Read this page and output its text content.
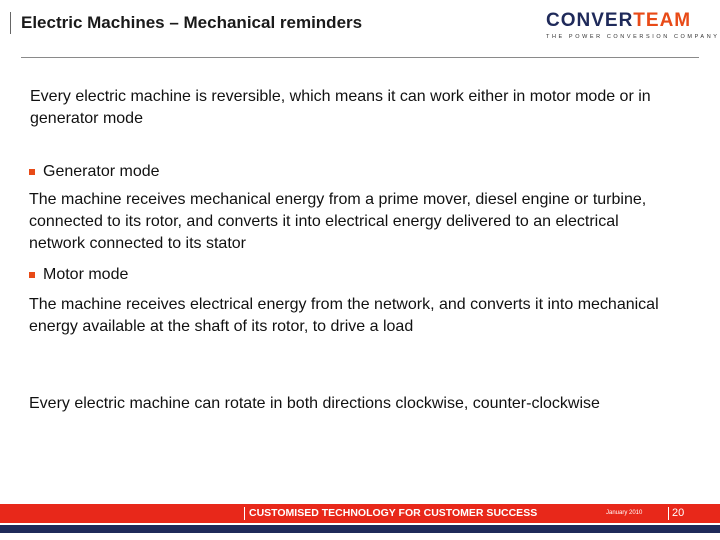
Electric Machines – Mechanical reminders	CONVERTEAM
THE POWER CONVERSION COMPANY

Every electric machine is reversible, which means it can work either in motor mode or in generator mode

Generator mode

The machine receives mechanical energy from a prime mover, diesel engine or turbine, connected to its rotor, and converts it into electrical energy delivered to an electrical network connected to its stator

Motor mode

The machine receives electrical energy from the network, and converts it into mechanical energy available at the shaft of its rotor, to drive a load

Every electric machine can rotate in both directions clockwise, counter-clockwise

CUSTOMISED TECHNOLOGY FOR CUSTOMER SUCCESS	January 2010	20
